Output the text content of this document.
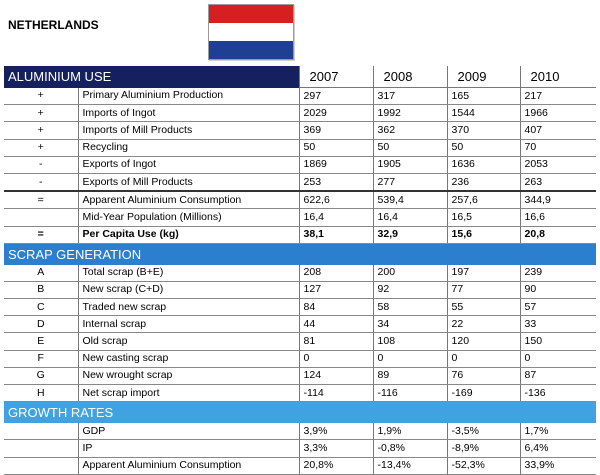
NETHERLANDS
ALUMINIUM USE		2007	2008	2009	2010
+	Primary Aluminium Production	297	317	165	217
+	Imports of Ingot	2029	1992	1544	1966
+	Imports of Mill Products	369	362	370	407
+	Recycling	50	50	50	70
-	Exports of Ingot	1869	1905	1636	2053
-	Exports of Mill Products	253	277	236	263
=	Apparent Aluminium Consumption	622,6	539,4	257,6	344,9
	Mid-Year Population (Millions)	16,4	16,4	16,5	16,6
=	Per Capita Use (kg)	38,1	32,9	15,6	20,8
SCRAP GENERATION					
A	Total scrap (B+E)	208	200	197	239
B	New scrap (C+D)	127	92	77	90
C	Traded new scrap	84	58	55	57
D	Internal scrap	44	34	22	33
E	Old scrap	81	108	120	150
F	New casting scrap	0	0	0	0
G	New wrought scrap	124	89	76	87
H	Net scrap import	-114	-116	-169	-136
GROWTH RATES					
	GDP	3,9%	1,9%	-3,5%	1,7%
	IP	3,3%	-0,8%	-8,9%	6,4%
	Apparent Aluminium Consumption	20,8%	-13,4%	-52,3%	33,9%
